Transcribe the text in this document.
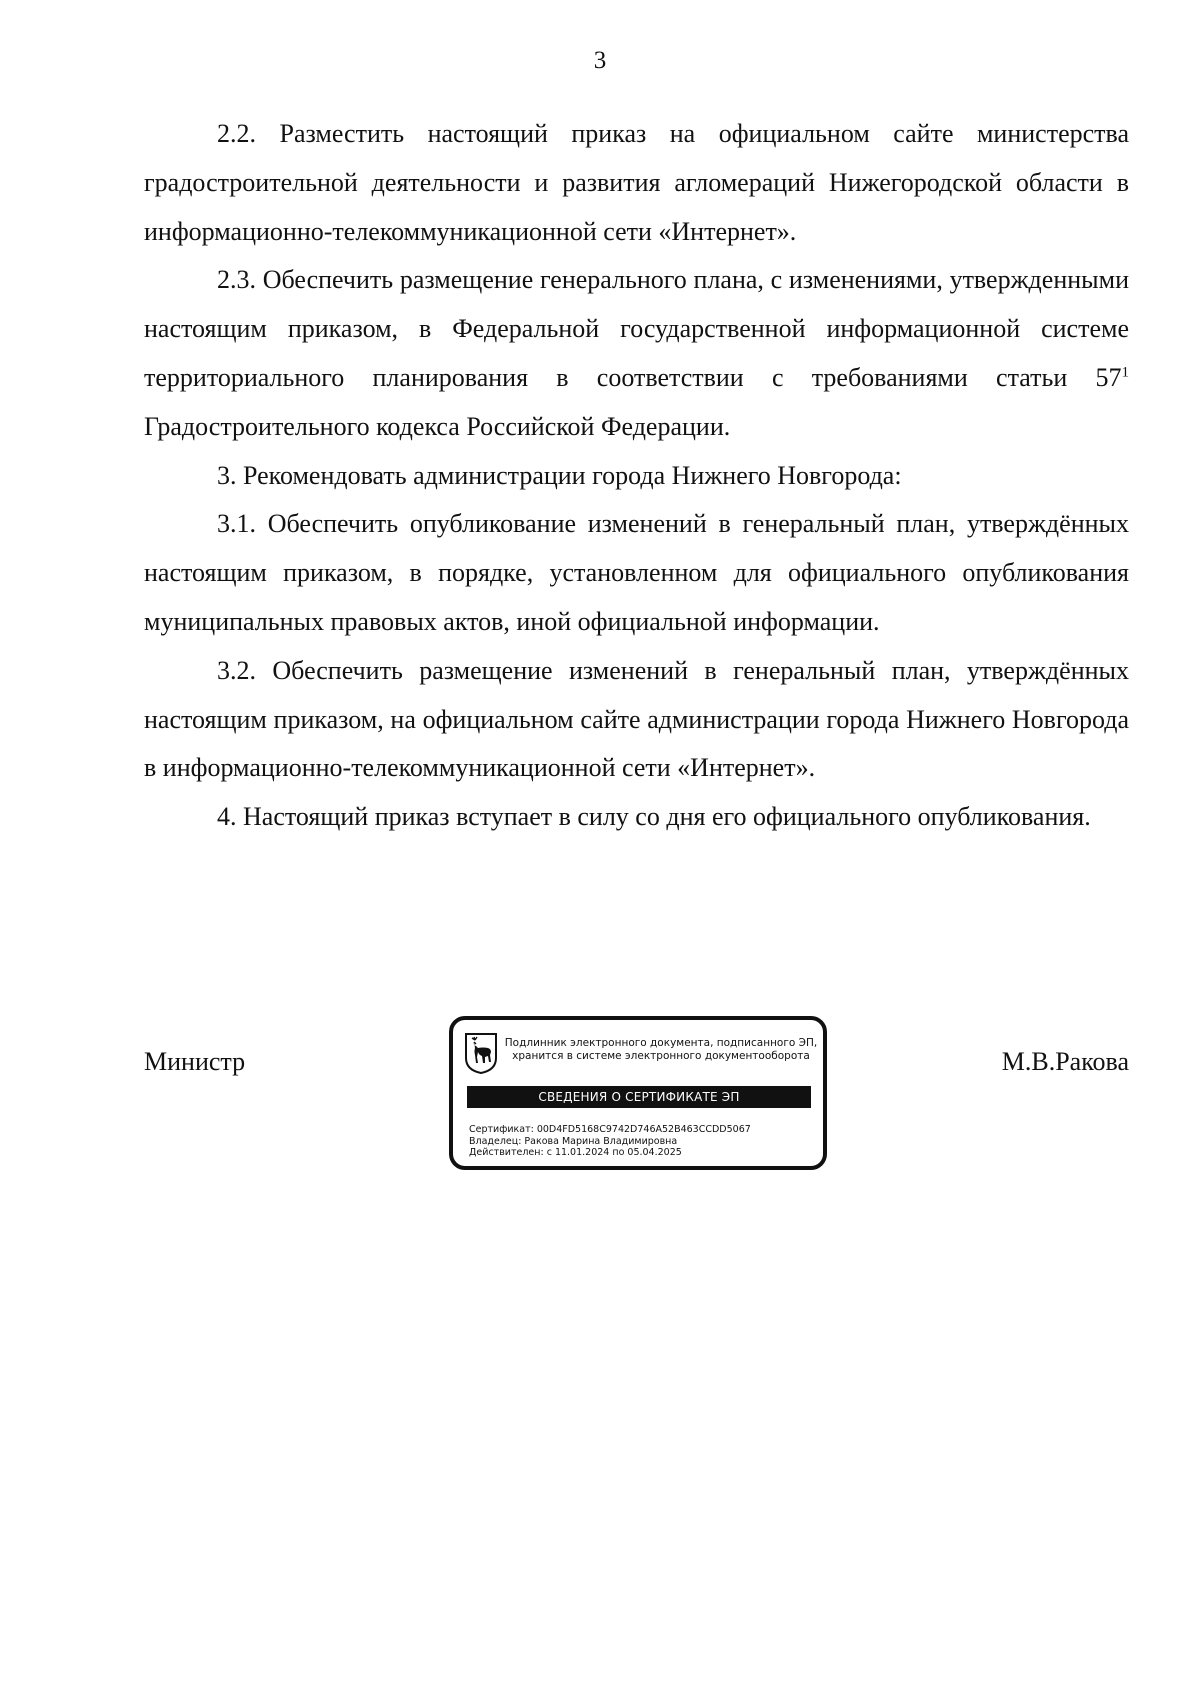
3

2.2. Разместить настоящий приказ на официальном сайте министерства градостроительной деятельности и развития агломераций Нижегородской области в информационно-телекоммуникационной сети «Интернет».

2.3. Обеспечить размещение генерального плана, с изменениями, утвержденными настоящим приказом, в Федеральной государственной информационной системе территориального планирования в соответствии с требованиями статьи $57^1$ Градостроительного кодекса Российской Федерации.

3. Рекомендовать администрации города Нижнего Новгорода:

3.1. Обеспечить опубликование изменений в генеральный план, утверждённых настоящим приказом, в порядке, установленном для официального опубликования муниципальных правовых актов, иной официальной информации.

3.2. Обеспечить размещение изменений в генеральный план, утверждённых настоящим приказом, на официальном сайте администрации города Нижнего Новгорода в информационно-телекоммуникационной сети «Интернет».

4. Настоящий приказ вступает в силу со дня его официального опубликования.

Министр	М.В.Ракова
Подлинник электронного документа, подписанного ЭП,
хранится в системе электронного документооборота
СВЕДЕНИЯ О СЕРТИФИКАТЕ ЭП
Сертификат: 00D4FD5168C9742D746A52B463CCDD5067
Владелец: Ракова Марина Владимировна
Действителен: с 11.01.2024 по 05.04.2025
